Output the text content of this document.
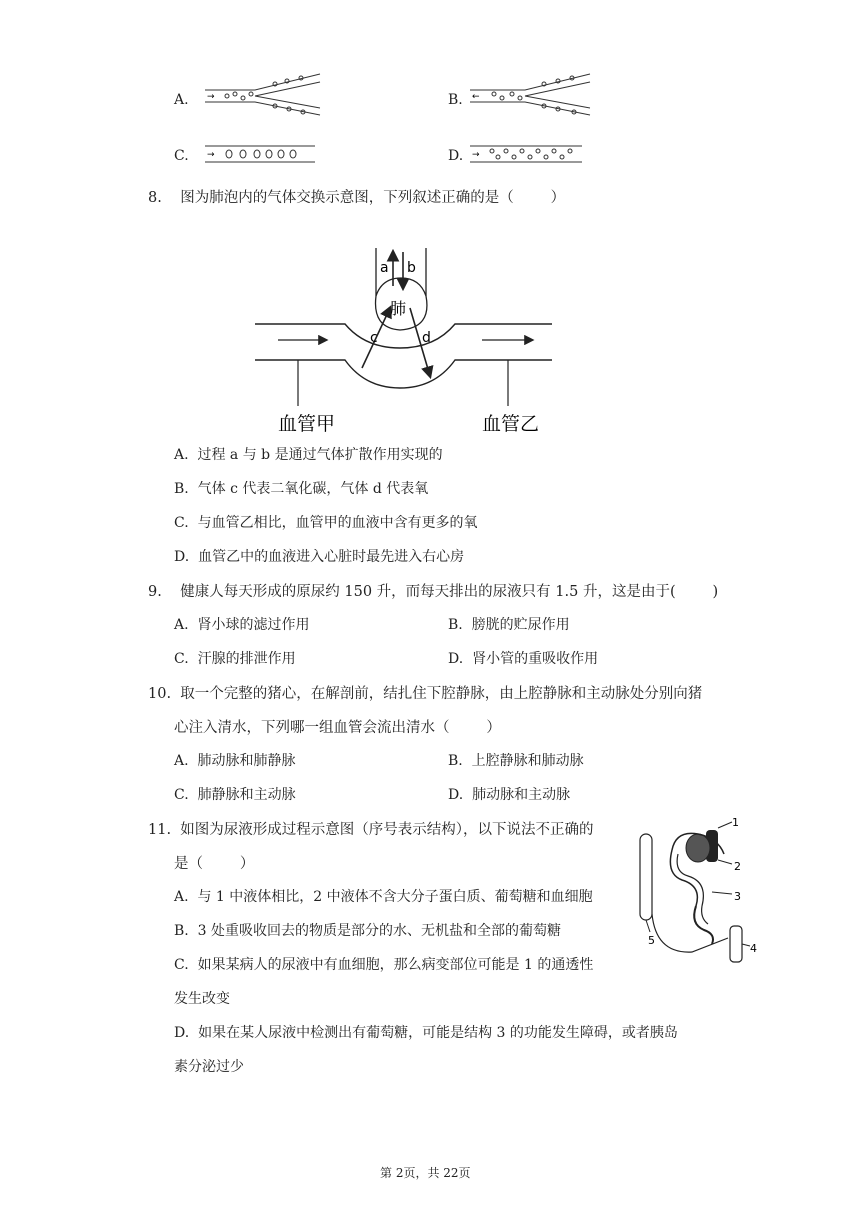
A. →	B. ←
C. →	D. →
8.    图为肺泡内的气体交换示意图，下列叙述正确的是（        ）
a b
肺
c	d
血管甲	血管乙
A.  过程 a 与 b 是通过气体扩散作用实现的
B.  气体 c 代表二氧化碳，气体 d 代表氧
C.  与血管乙相比，血管甲的血液中含有更多的氧
D.  血管乙中的血液进入心脏时最先进入右心房
9.    健康人每天形成的原尿约 150 升，而每天排出的尿液只有 1.5 升，这是由于(        )
A.  肾小球的滤过作用	B.  膀胱的贮尿作用
C.  汗腺的排泄作用	D.  肾小管的重吸收作用
10.  取一个完整的猪心，在解剖前，结扎住下腔静脉，由上腔静脉和主动脉处分别向猪
心注入清水，下列哪一组血管会流出清水（        ）
A.  肺动脉和肺静脉	B.  上腔静脉和肺动脉
C.  肺静脉和主动脉	D.  肺动脉和主动脉
11.  如图为尿液形成过程示意图（序号表示结构），以下说法不正确的
是（        ）
A.  与 1 中液体相比，2 中液体不含大分子蛋白质、葡萄糖和血细胞
B.  3 处重吸收回去的物质是部分的水、无机盐和全部的葡萄糖
C.  如果某病人的尿液中有血细胞，那么病变部位可能是 1 的通透性
发生改变
D.  如果在某人尿液中检测出有葡萄糖，可能是结构 3 的功能发生障碍，或者胰岛
素分泌过少
1
2
3
4
5
第 2页，共 22页
